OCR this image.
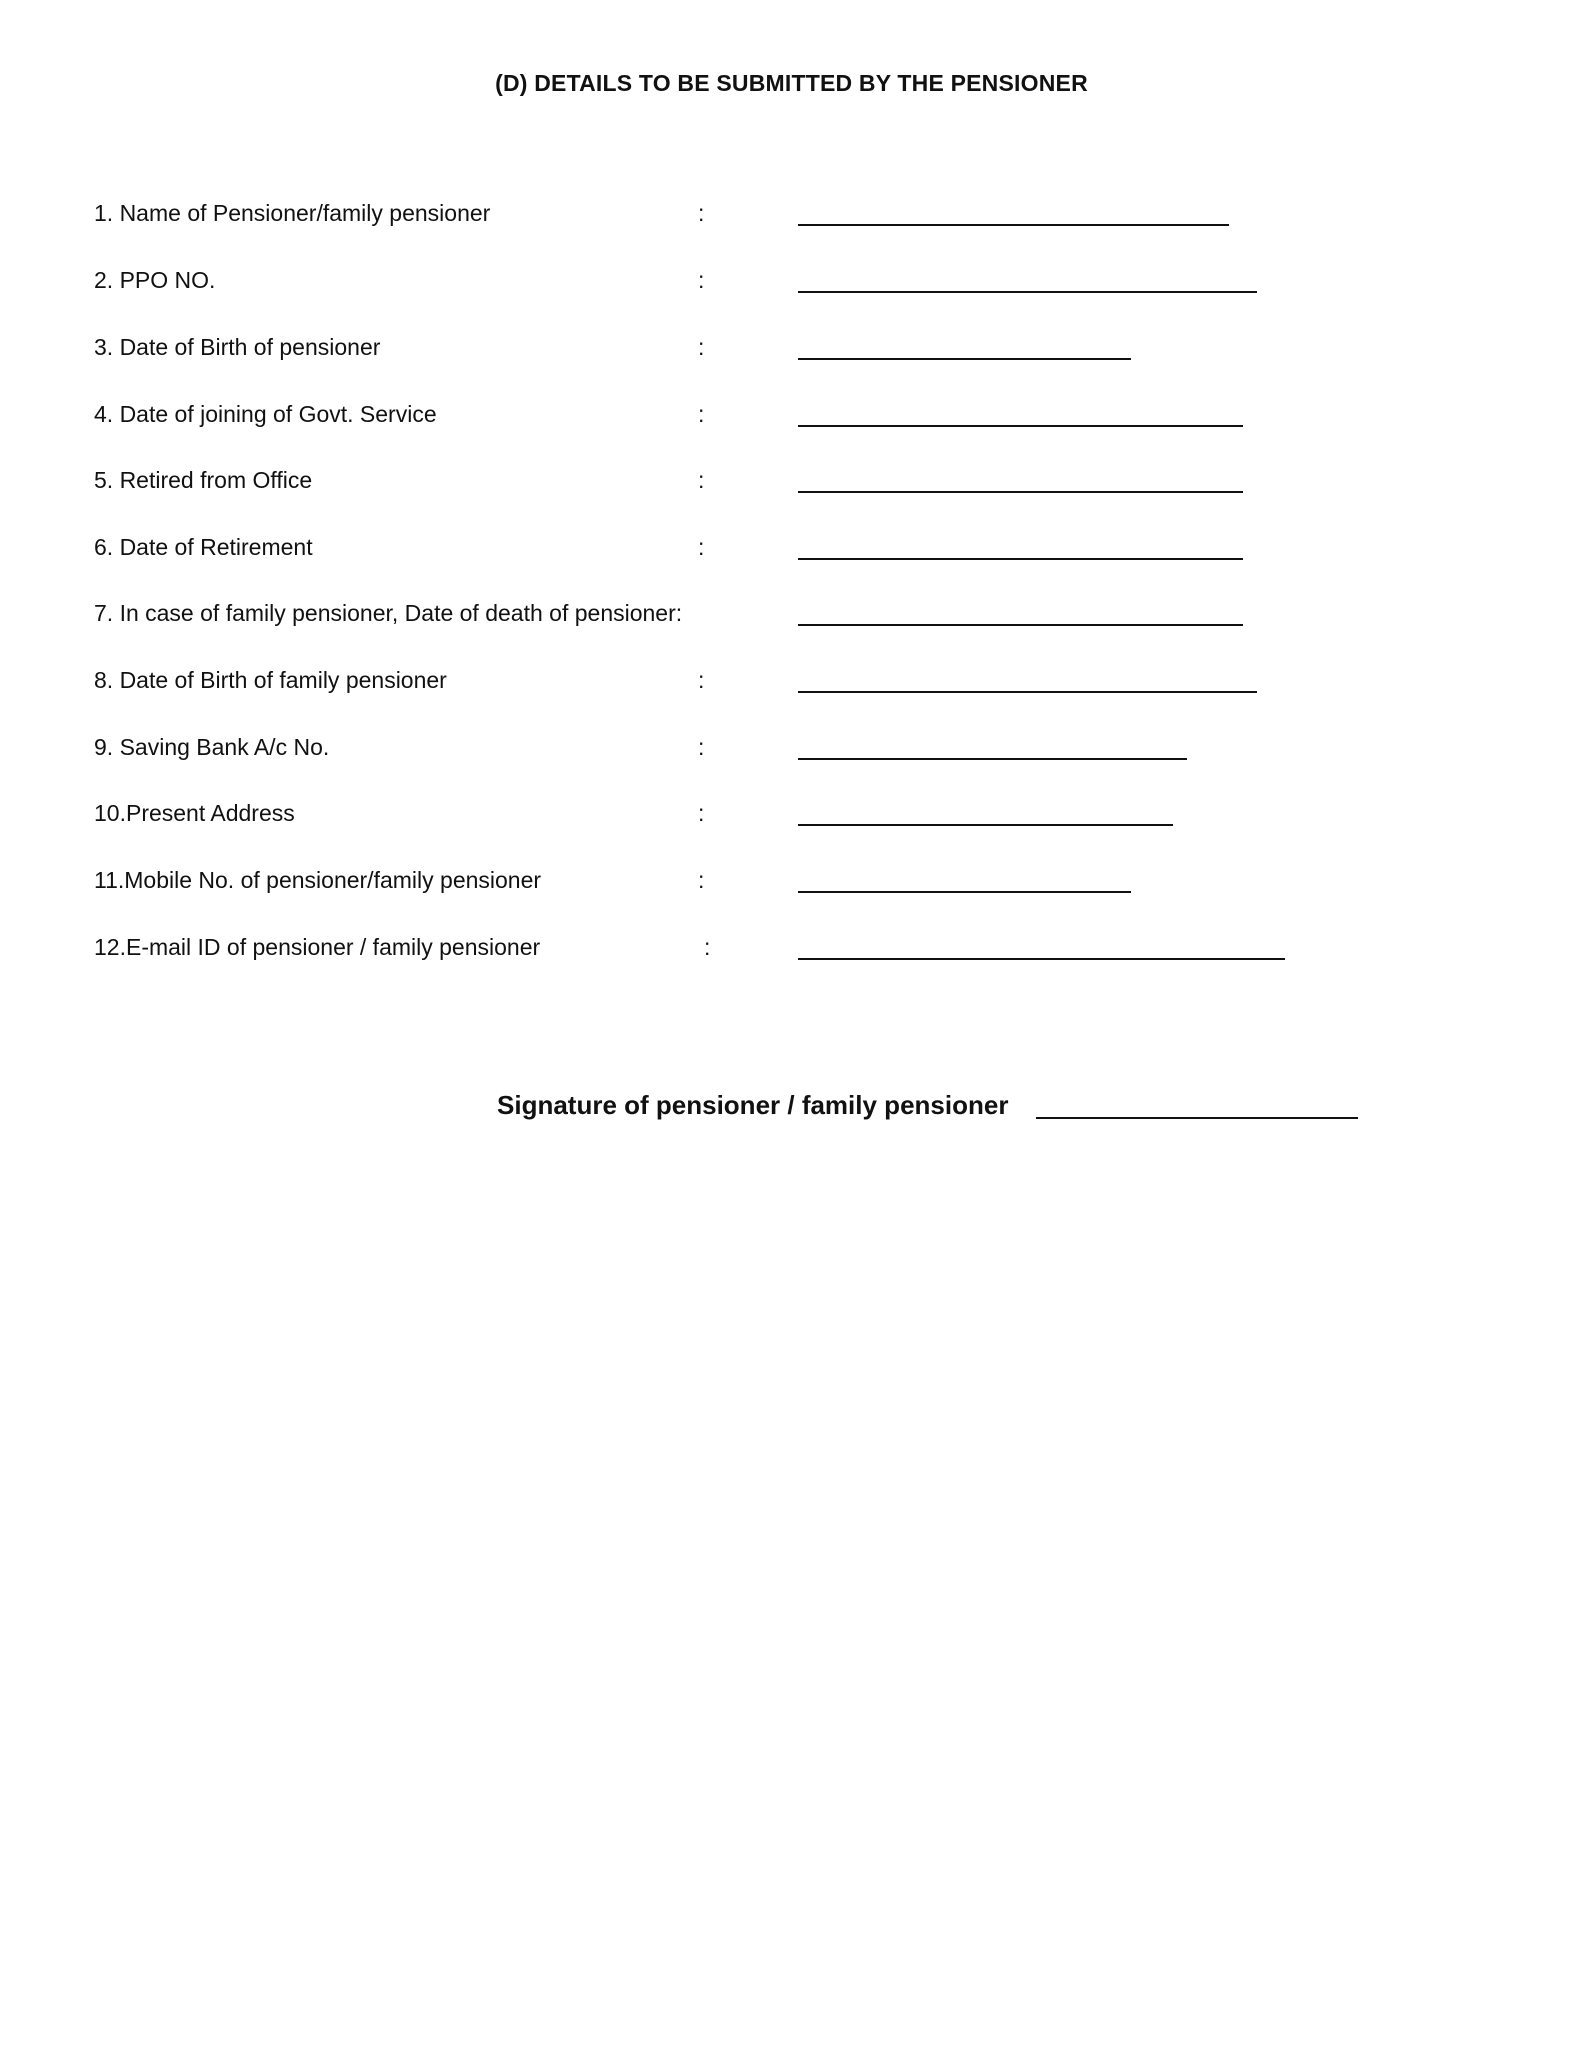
(D) DETAILS TO BE SUBMITTED BY THE PENSIONER
1. Name of Pensioner/family pensioner	:
2. PPO NO.	:
3. Date of Birth of pensioner	:
4. Date of joining of Govt. Service	:
5. Retired from Office	:
6. Date of Retirement	:
7. In case of family pensioner, Date of death of pensioner:
8. Date of Birth of family pensioner	:
9. Saving Bank A/c No.	:
10.Present Address	:
11.Mobile No. of pensioner/family pensioner	:
12.E-mail ID of pensioner / family pensioner	:
Signature of pensioner / family pensioner
